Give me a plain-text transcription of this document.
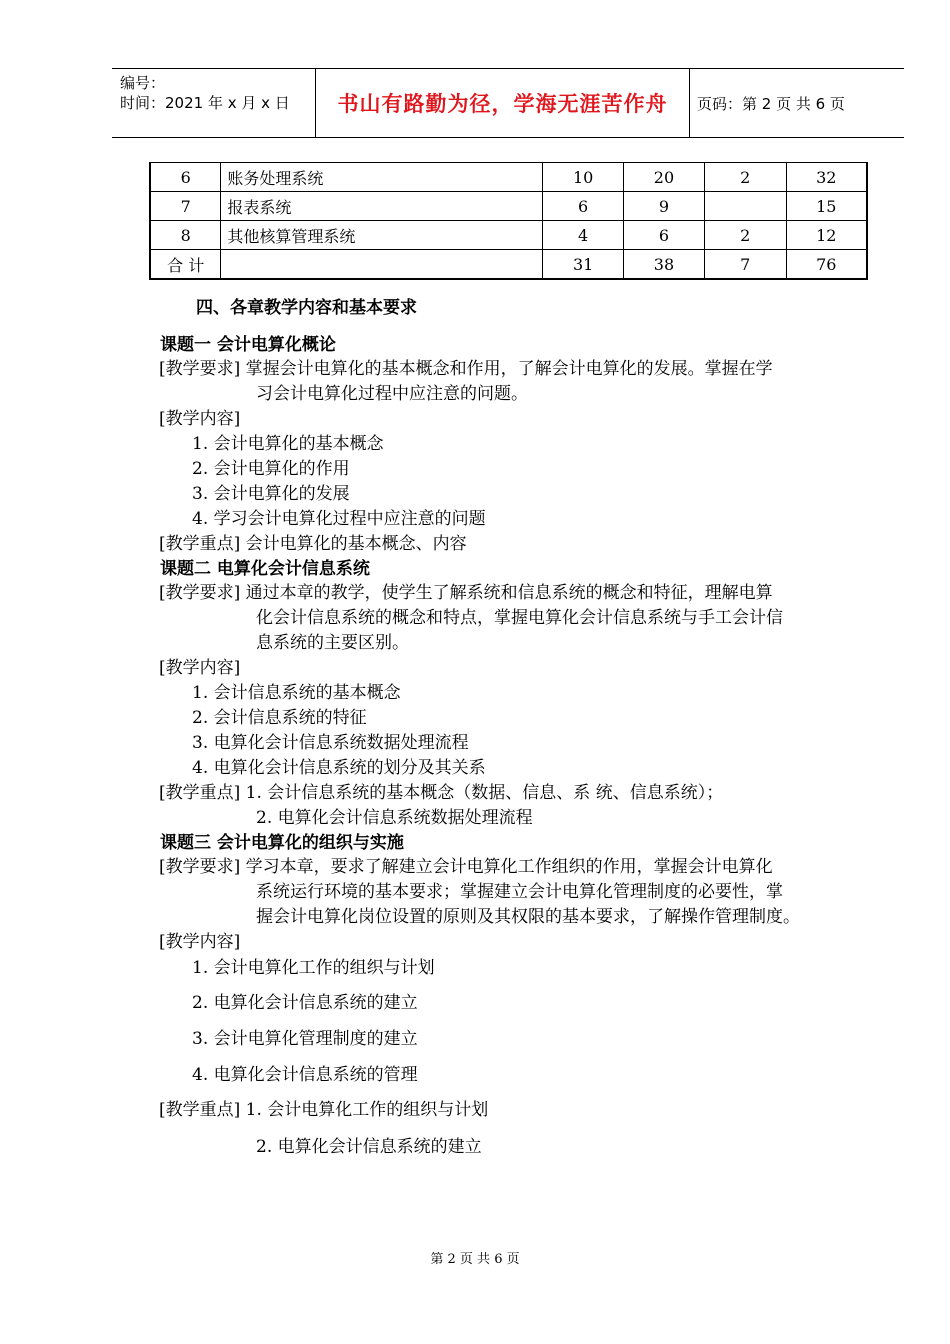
编号：
时间：2021 年 x 月 x 日	书山有路勤为径，学海无涯苦作舟	页码：第 2 页 共 6 页
6	账务处理系统	10	20	2	32
7	报表系统	6	9		15
8	其他核算管理系统	4	6	2	12
合 计		31	38	7	76
四、各章教学内容和基本要求
课题一 会计电算化概论
[教学要求] 掌握会计电算化的基本概念和作用，了解会计电算化的发展。掌握在学
习会计电算化过程中应注意的问题。
[教学内容]
1. 会计电算化的基本概念
2. 会计电算化的作用
3. 会计电算化的发展
4. 学习会计电算化过程中应注意的问题
[教学重点] 会计电算化的基本概念、内容
课题二 电算化会计信息系统
[教学要求] 通过本章的教学，使学生了解系统和信息系统的概念和特征，理解电算
化会计信息系统的概念和特点，掌握电算化会计信息系统与手工会计信
息系统的主要区别。
[教学内容]
1. 会计信息系统的基本概念
2. 会计信息系统的特征
3. 电算化会计信息系统数据处理流程
4. 电算化会计信息系统的划分及其关系
[教学重点] 1. 会计信息系统的基本概念（数据、信息、系 统、信息系统）；
2. 电算化会计信息系统数据处理流程
课题三 会计电算化的组织与实施
[教学要求] 学习本章，要求了解建立会计电算化工作组织的作用，掌握会计电算化
系统运行环境的基本要求；掌握建立会计电算化管理制度的必要性，掌
握会计电算化岗位设置的原则及其权限的基本要求，了解操作管理制度。
[教学内容]
1. 会计电算化工作的组织与计划
2. 电算化会计信息系统的建立
3. 会计电算化管理制度的建立
4. 电算化会计信息系统的管理
[教学重点] 1. 会计电算化工作的组织与计划
2. 电算化会计信息系统的建立
第 2 页 共 6 页
